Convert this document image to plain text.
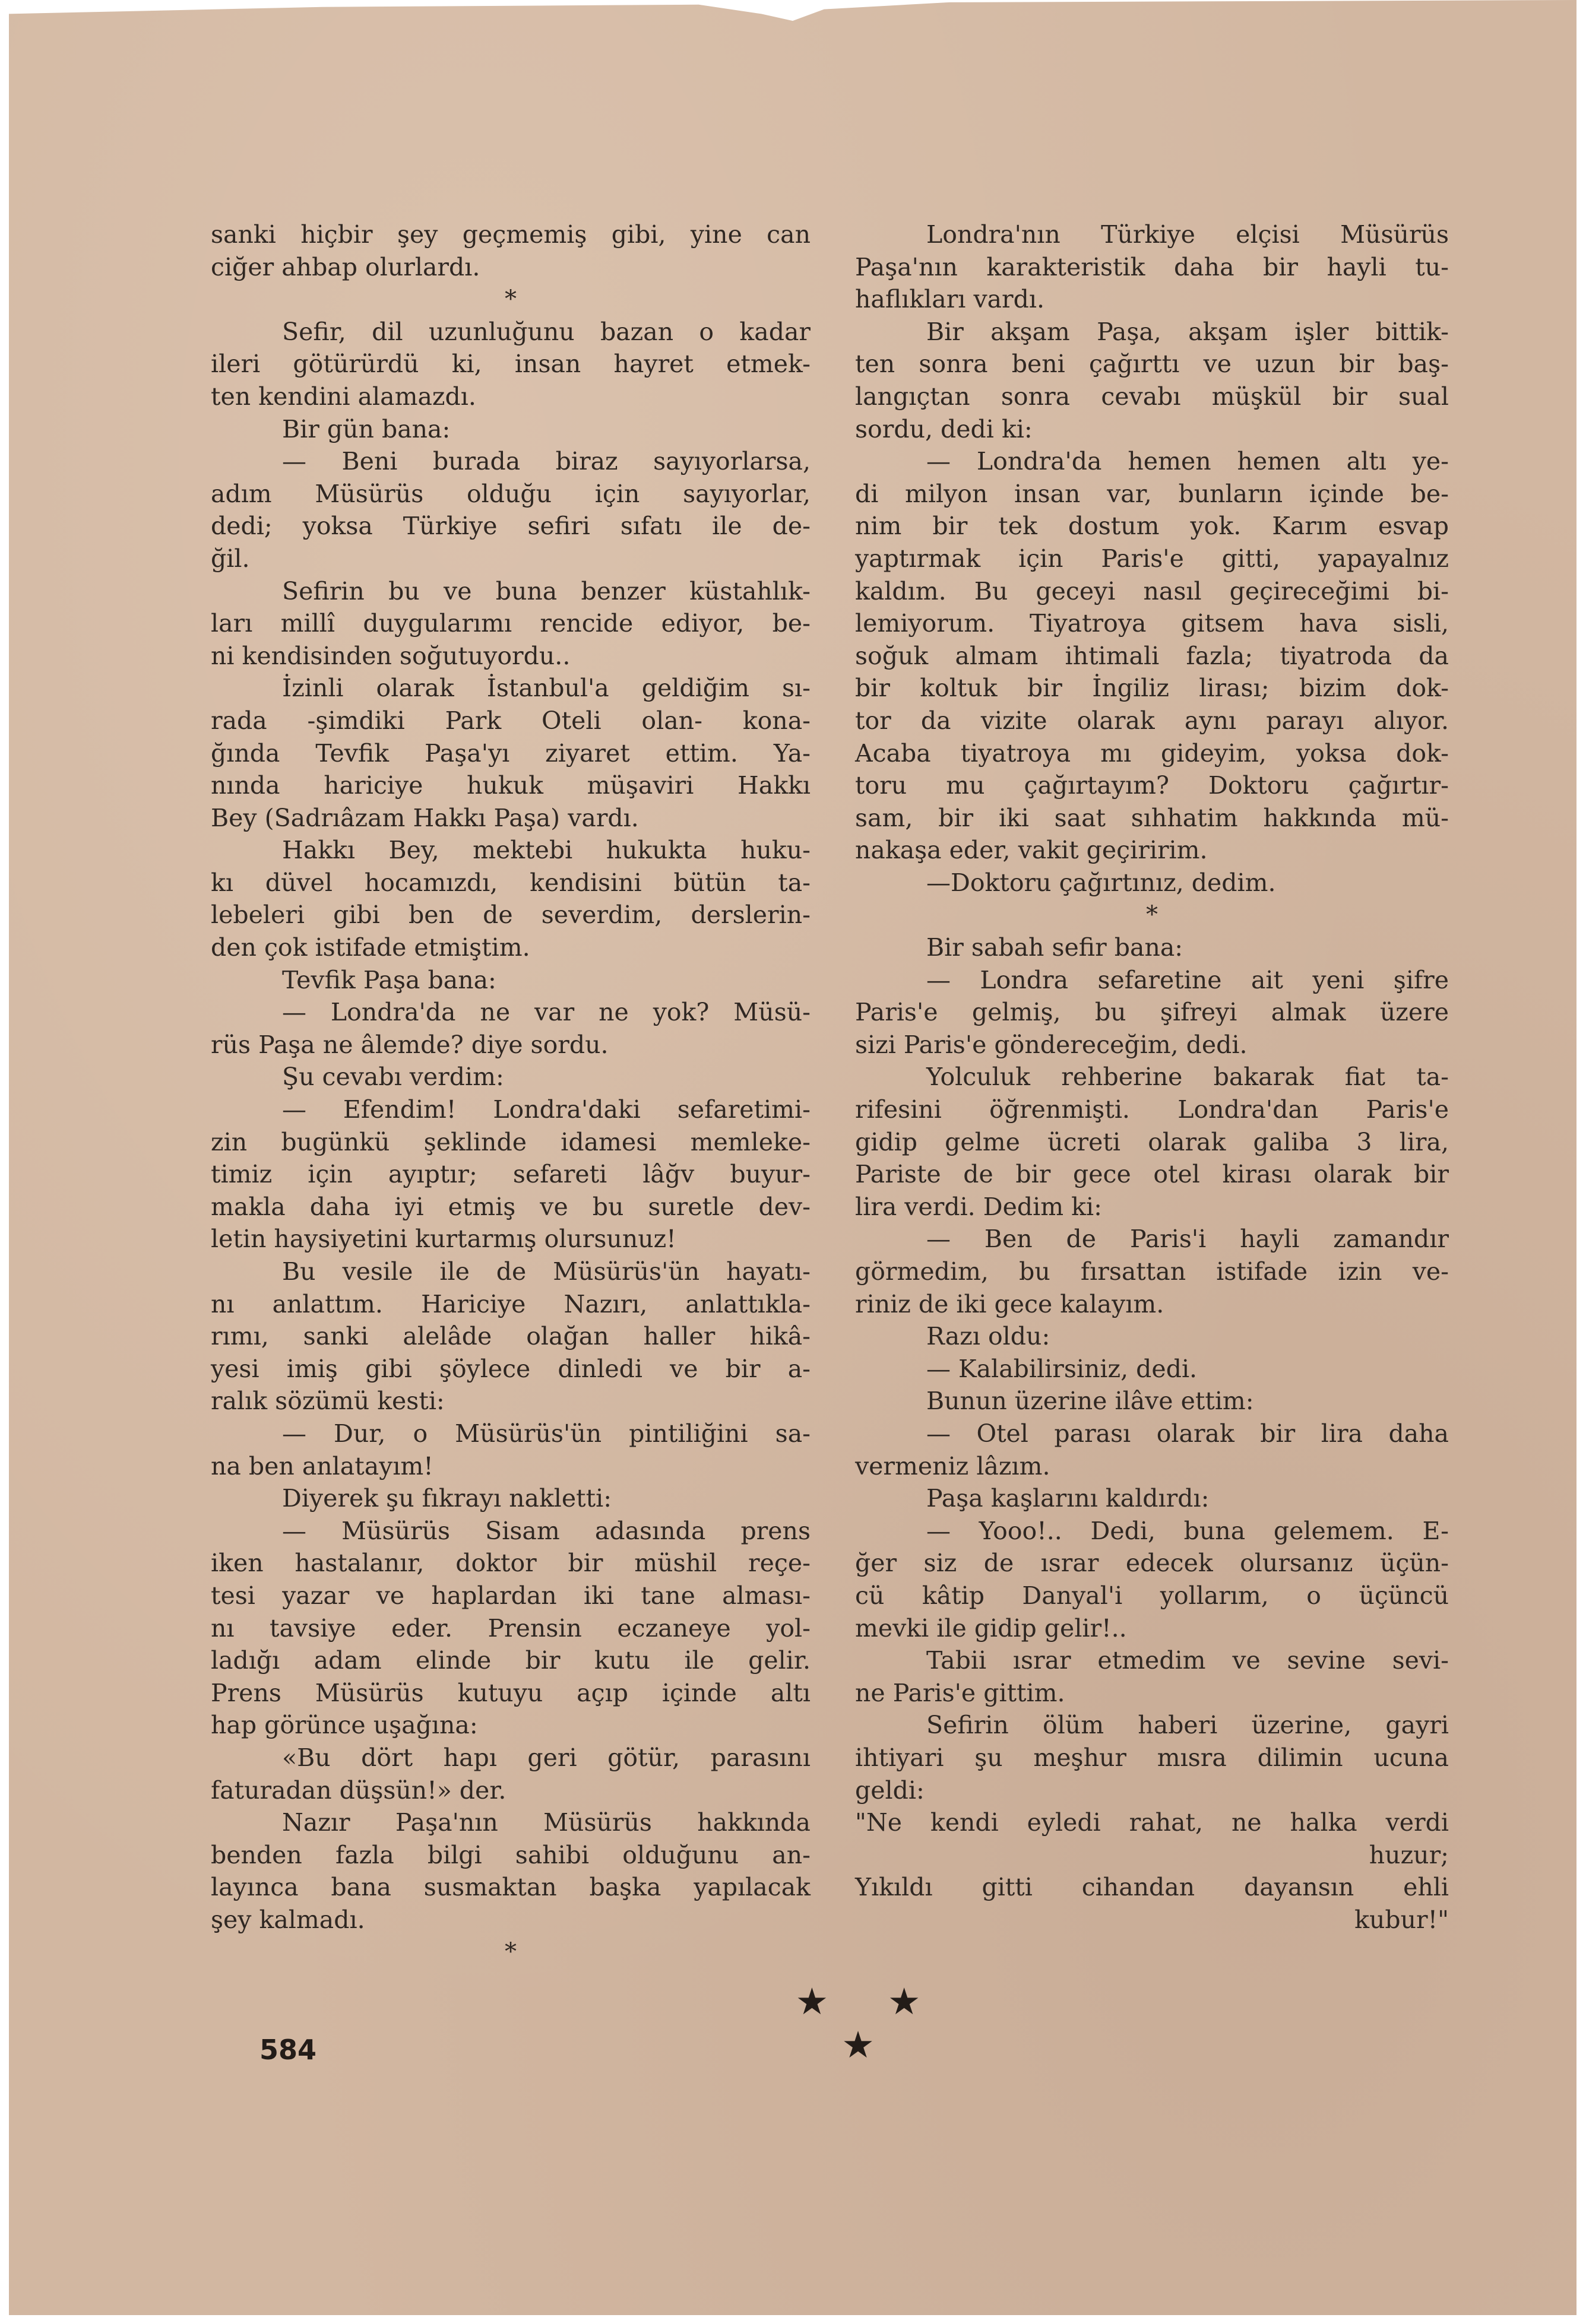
sanki hiçbir şey geçmemiş gibi, yine can
ciğer ahbap olurlardı.
*
Sefir, dil uzunluğunu bazan o kadar
ileri götürürdü ki, insan hayret etmek-
ten kendini alamazdı.
Bir gün bana:
— Beni burada biraz sayıyorlarsa,
adım Müsürüs olduğu için sayıyorlar,
dedi; yoksa Türkiye sefiri sıfatı ile de-
ğil.
Sefirin bu ve buna benzer küstahlık-
ları millî duygularımı rencide ediyor, be-
ni kendisinden soğutuyordu..
İzinli olarak İstanbul'a geldiğim sı-
rada -şimdiki Park Oteli olan- kona-
ğında Tevfik Paşa'yı ziyaret ettim. Ya-
nında hariciye hukuk müşaviri Hakkı
Bey (Sadrıâzam Hakkı Paşa) vardı.
Hakkı Bey, mektebi hukukta huku-
kı düvel hocamızdı, kendisini bütün ta-
lebeleri gibi ben de severdim, derslerin-
den çok istifade etmiştim.
Tevfik Paşa bana:
— Londra'da ne var ne yok? Müsü-
rüs Paşa ne âlemde? diye sordu.
Şu cevabı verdim:
— Efendim! Londra'daki sefaretimi-
zin bugünkü şeklinde idamesi memleke-
timiz için ayıptır; sefareti lâğv buyur-
makla daha iyi etmiş ve bu suretle dev-
letin haysiyetini kurtarmış olursunuz!
Bu vesile ile de Müsürüs'ün hayatı-
nı anlattım. Hariciye Nazırı, anlattıkla-
rımı, sanki alelâde olağan haller hikâ-
yesi imiş gibi şöylece dinledi ve bir a-
ralık sözümü kesti:
— Dur, o Müsürüs'ün pintiliğini sa-
na ben anlatayım!
Diyerek şu fıkrayı nakletti:
— Müsürüs Sisam adasında prens
iken hastalanır, doktor bir müshil reçe-
tesi yazar ve haplardan iki tane alması-
nı tavsiye eder. Prensin eczaneye yol-
ladığı adam elinde bir kutu ile gelir.
Prens Müsürüs kutuyu açıp içinde altı
hap görünce uşağına:
«Bu dört hapı geri götür, parasını
faturadan düşsün!» der.
Nazır Paşa'nın Müsürüs hakkında
benden fazla bilgi sahibi olduğunu an-
layınca bana susmaktan başka yapılacak
şey kalmadı.
*
Londra'nın Türkiye elçisi Müsürüs
Paşa'nın karakteristik daha bir hayli tu-
haflıkları vardı.
Bir akşam Paşa, akşam işler bittik-
ten sonra beni çağırttı ve uzun bir baş-
langıçtan sonra cevabı müşkül bir sual
sordu, dedi ki:
— Londra'da hemen hemen altı ye-
di milyon insan var, bunların içinde be-
nim bir tek dostum yok. Karım esvap
yaptırmak için Paris'e gitti, yapayalnız
kaldım. Bu geceyi nasıl geçireceğimi bi-
lemiyorum. Tiyatroya gitsem hava sisli,
soğuk almam ihtimali fazla; tiyatroda da
bir koltuk bir İngiliz lirası; bizim dok-
tor da vizite olarak aynı parayı alıyor.
Acaba tiyatroya mı gideyim, yoksa dok-
toru mu çağırtayım? Doktoru çağırtır-
sam, bir iki saat sıhhatim hakkında mü-
nakaşa eder, vakit geçiririm.
—Doktoru çağırtınız, dedim.
*
Bir sabah sefir bana:
— Londra sefaretine ait yeni şifre
Paris'e gelmiş, bu şifreyi almak üzere
sizi Paris'e göndereceğim, dedi.
Yolculuk rehberine bakarak fiat ta-
rifesini öğrenmişti. Londra'dan Paris'e
gidip gelme ücreti olarak galiba 3 lira,
Pariste de bir gece otel kirası olarak bir
lira verdi. Dedim ki:
— Ben de Paris'i hayli zamandır
görmedim, bu fırsattan istifade izin ve-
riniz de iki gece kalayım.
Razı oldu:
— Kalabilirsiniz, dedi.
Bunun üzerine ilâve ettim:
— Otel parası olarak bir lira daha
vermeniz lâzım.
Paşa kaşlarını kaldırdı:
— Yooo!.. Dedi, buna gelemem. E-
ğer siz de ısrar edecek olursanız üçün-
cü kâtip Danyal'i yollarım, o üçüncü
mevki ile gidip gelir!..
Tabii ısrar etmedim ve sevine sevi-
ne Paris'e gittim.
Sefirin ölüm haberi üzerine, gayri
ihtiyari şu meşhur mısra dilimin ucuna
geldi:
"Ne kendi eyledi rahat, ne halka verdi
huzur;
Yıkıldı gitti cihandan dayansın ehli
kubur!"
★ ★ ★
584
